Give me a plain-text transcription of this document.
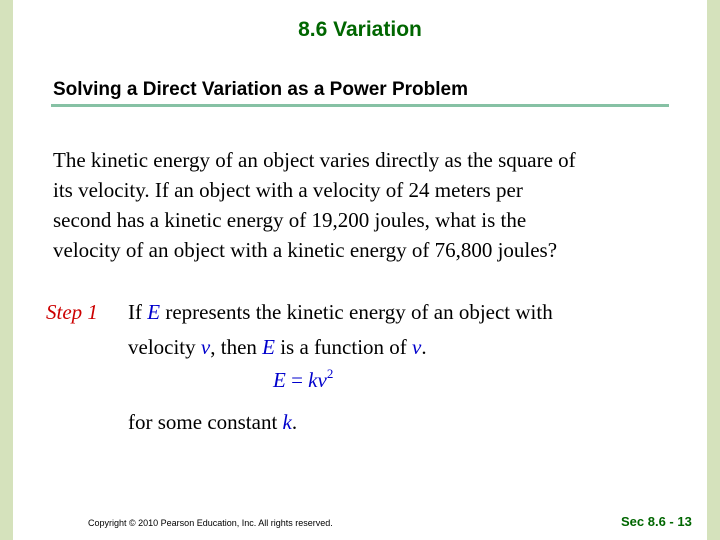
8.6 Variation
Solving a Direct Variation as a Power Problem
The kinetic energy of an object varies directly as the square of
its velocity. If an object with a velocity of 24 meters per
second has a kinetic energy of 19,200 joules, what is the
velocity of an object with a kinetic energy of 76,800 joules?
Step 1 If E represents the kinetic energy of an object with
velocity v, then E is a function of v.
$E = kv^2$
for some constant k.
Copyright © 2010 Pearson Education, Inc. All rights reserved.	Sec 8.6 - 13
